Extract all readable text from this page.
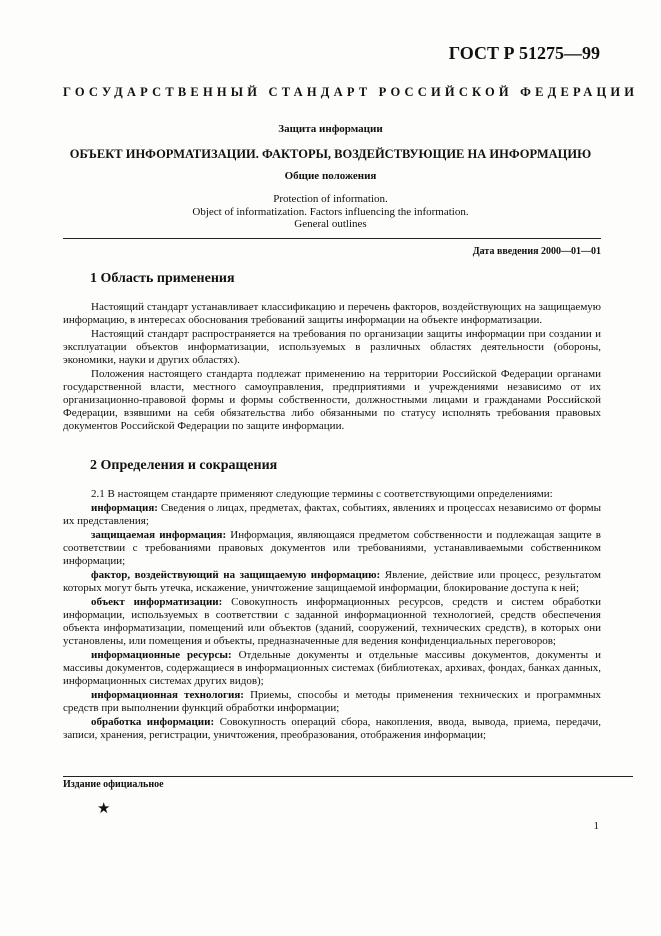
ГОСТ Р 51275—99
ГОСУДАРСТВЕННЫЙ СТАНДАРТ РОССИЙСКОЙ ФЕДЕРАЦИИ
Защита информации
ОБЪЕКТ ИНФОРМАТИЗАЦИИ. ФАКТОРЫ, ВОЗДЕЙСТВУЮЩИЕ НА ИНФОРМАЦИЮ
Общие положения
Protection of information.
Object of informatization. Factors influencing the information.
General outlines
Дата введения 2000—01—01
1 Область применения

Настоящий стандарт устанавливает классификацию и перечень факторов, воздействующих на защищаемую информацию, в интересах обоснования требований защиты информации на объекте информатизации.

Настоящий стандарт распространяется на требования по организации защиты информации при создании и эксплуатации объектов информатизации, используемых в различных областях деятельности (обороны, экономики, науки и других областях).

Положения настоящего стандарта подлежат применению на территории Российской Федерации органами государственной власти, местного самоуправления, предприятиями и учреждениями независимо от их организационно-правовой формы и формы собственности, должностными лицами и гражданами Российской Федерации, взявшими на себя обязательства либо обязанными по статусу исполнять требования правовых документов Российской Федерации по защите информации.

2 Определения и сокращения

2.1 В настоящем стандарте применяют следующие термины с соответствующими определениями:

информация: Сведения о лицах, предметах, фактах, событиях, явлениях и процессах независимо от формы их представления;

защищаемая информация: Информация, являющаяся предметом собственности и подлежащая защите в соответствии с требованиями правовых документов или требованиями, устанавливаемыми собственником информации;

фактор, воздействующий на защищаемую информацию: Явление, действие или процесс, результатом которых могут быть утечка, искажение, уничтожение защищаемой информации, блокирование доступа к ней;

объект информатизации: Совокупность информационных ресурсов, средств и систем обработки информации, используемых в соответствии с заданной информационной технологией, средств обеспечения объекта информатизации, помещений или объектов (зданий, сооружений, технических средств), в которых они установлены, или помещения и объекты, предназначенные для ведения конфиденциальных переговоров;

информационные ресурсы: Отдельные документы и отдельные массивы документов, документы и массивы документов, содержащиеся в информационных системах (библиотеках, архивах, фондах, банках данных, информационных системах других видов);

информационная технология: Приемы, способы и методы применения технических и программных средств при выполнении функций обработки информации;

обработка информации: Совокупность операций сбора, накопления, ввода, вывода, приема, передачи, записи, хранения, регистрации, уничтожения, преобразования, отображения информации;

Издание официальное
★
1
